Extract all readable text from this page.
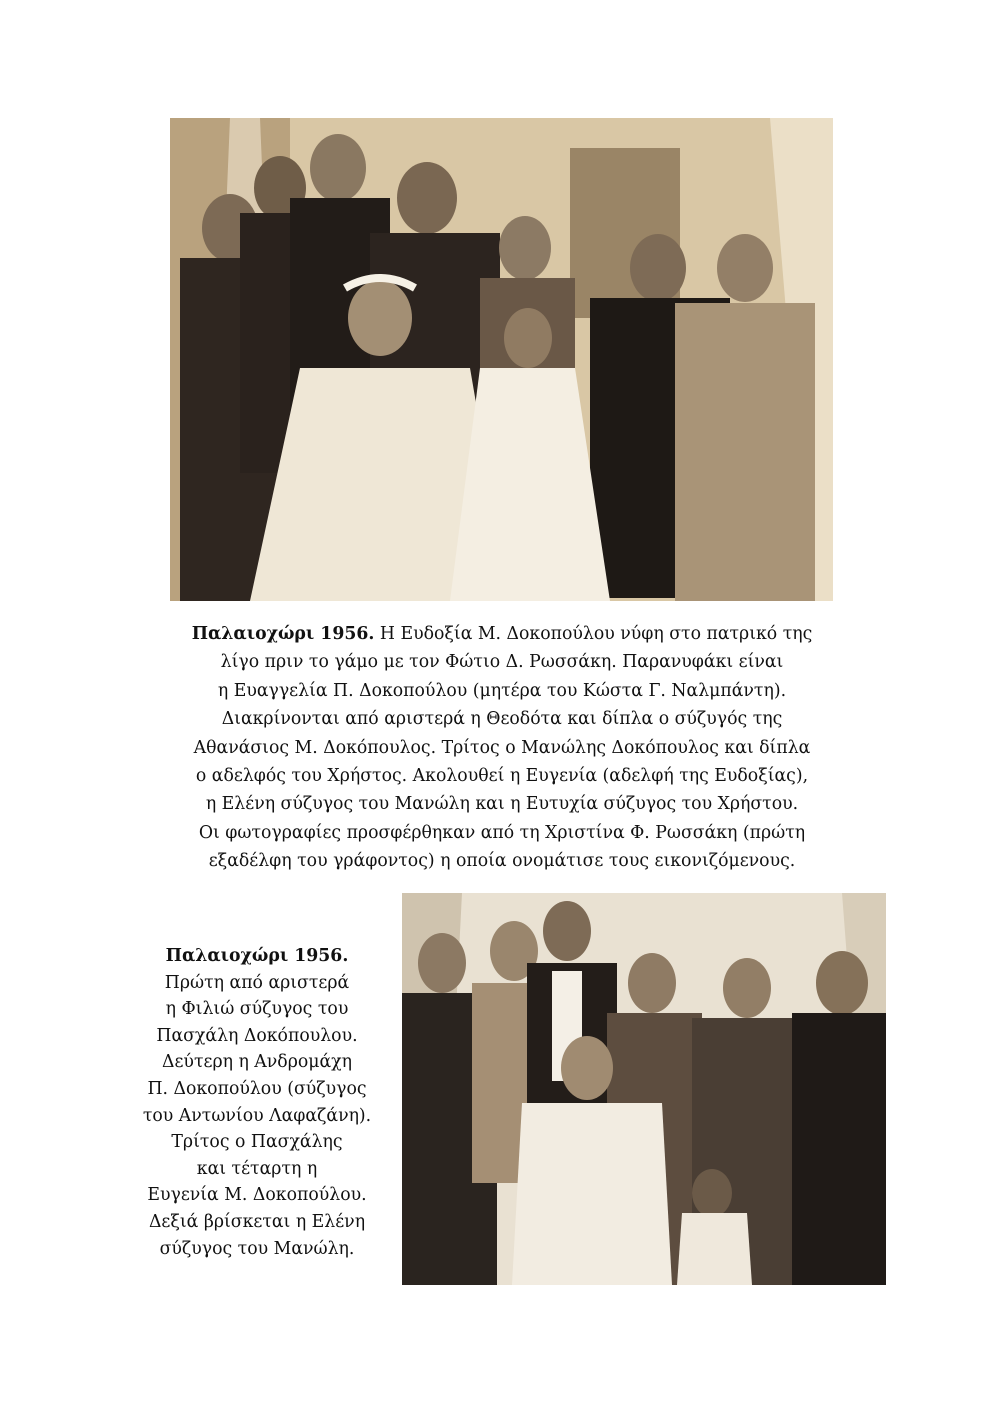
Παλαιοχώρι 1956. Η Ευδοξία Μ. Δοκοπούλου νύφη στο πατρικό της
λίγο πριν το γάμο με τον Φώτιο Δ. Ρωσσάκη. Παρανυφάκι είναι
η Ευαγγελία Π. Δοκοπούλου (μητέρα του Κώστα Γ. Ναλμπάντη).
Διακρίνονται από αριστερά η Θεοδότα και δίπλα ο σύζυγός της
Αθανάσιος Μ. Δοκόπουλος. Τρίτος ο Μανώλης Δοκόπουλος και δίπλα
ο αδελφός του Χρήστος. Ακολουθεί η Ευγενία (αδελφή της Ευδοξίας),
η Ελένη σύζυγος του Μανώλη και η Ευτυχία σύζυγος του Χρήστου.
Οι φωτογραφίες προσφέρθηκαν από τη Χριστίνα Φ. Ρωσσάκη (πρώτη
εξαδέλφη του γράφοντος) η οποία ονομάτισε τους εικονιζόμενους.
Παλαιοχώρι 1956.
Πρώτη από αριστερά
η Φιλιώ σύζυγος του
Πασχάλη Δοκόπουλου.
Δεύτερη η Ανδρομάχη
Π. Δοκοπούλου (σύζυγος
του Αντωνίου Λαφαζάνη).
Τρίτος ο Πασχάλης
και τέταρτη η
Ευγενία Μ. Δοκοπούλου.
Δεξιά βρίσκεται η Ελένη
σύζυγος του Μανώλη.
